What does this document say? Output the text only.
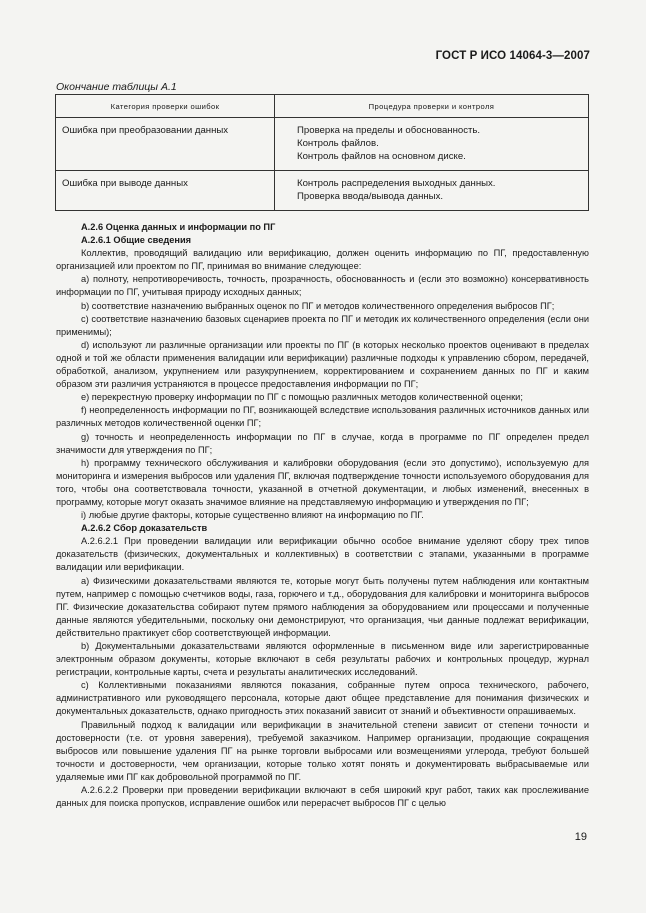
ГОСТ Р ИСО 14064-3—2007
Окончание таблицы А.1
Категория проверки ошибок	Процедура проверки и контроля
Ошибка при преобразовании данных	Проверка на пределы и обоснованность.
Контроль файлов.
Контроль файлов на основном диске.

Ошибка при выводе данных	Контроль распределения выходных данных.
Проверка ввода/вывода данных.

А.2.6 Оценка данных и информации по ПГ

А.2.6.1 Общие сведения

Коллектив, проводящий валидацию или верификацию, должен оценить информацию по ПГ, предоставленную организацией или проектом по ПГ, принимая во внимание следующее:

а) полноту, непротиворечивость, точность, прозрачность, обоснованность и (если это возможно) консервативность информации по ПГ, учитывая природу исходных данных;

b) соответствие назначению выбранных оценок по ПГ и методов количественного определения выбросов ПГ;

с) соответствие назначению базовых сценариев проекта по ПГ и методик их количественного определения (если они применимы);

d) используют ли различные организации или проекты по ПГ (в которых несколько проектов оценивают в пределах одной и той же области применения валидации или верификации) различные подходы к управлению сбором, передачей, обработкой, анализом, укрупнением или разукрупнением, корректированием и сохранением данных по ПГ и каким образом эти различия устраняются в процессе предоставления информации по ПГ;

е) перекрестную проверку информации по ПГ с помощью различных методов количественной оценки;

f) неопределенность информации по ПГ, возникающей вследствие использования различных источников данных или различных методов количественной оценки ПГ;

g) точность и неопределенность информации по ПГ в случае, когда в программе по ПГ определен предел значимости для утверждения по ПГ;

h) программу технического обслуживания и калибровки оборудования (если это допустимо), используемую для мониторинга и измерения выбросов или удаления ПГ, включая подтверждение точности используемого оборудования для того, чтобы она соответствовала точности, указанной в отчетной документации, и любых изменений, внесенных в программу, которые могут оказать значимое влияние на представляемую информацию и утверждения по ПГ;

i) любые другие факторы, которые существенно влияют на информацию по ПГ.

А.2.6.2 Сбор доказательств

А.2.6.2.1 При проведении валидации или верификации обычно особое внимание уделяют сбору трех типов доказательств (физических, документальных и коллективных) в соответствии с этапами, указанными в программе валидации или верификации.

а) Физическими доказательствами являются те, которые могут быть получены путем наблюдения или контактным путем, например с помощью счетчиков воды, газа, горючего и т.д., оборудования для калибровки и мониторинга выбросов ПГ. Физические доказательства собирают путем прямого наблюдения за оборудованием или процессами и полученные данные являются убедительными, поскольку они демонстрируют, что организация, чьи данные подлежат верификации, действительно практикует сбор соответствующей информации.

b) Документальными доказательствами являются оформленные в письменном виде или зарегистрированные электронным образом документы, которые включают в себя результаты рабочих и контрольных процедур, журнал регистрации, контрольные карты, счета и результаты аналитических исследований.

с) Коллективными показаниями являются показания, собранные путем опроса технического, рабочего, административного или руководящего персонала, которые дают общее представление для понимания физических и документальных доказательств, однако пригодность этих показаний зависит от знаний и объективности опрашиваемых.

Правильный подход к валидации или верификации в значительной степени зависит от степени точности и достоверности (т.е. от уровня заверения), требуемой заказчиком. Например организации, продающие сокращения выбросов или повышение удаления ПГ на рынке торговли выбросами или возмещениями углерода, требуют большей точности и достоверности, чем организации, которые только хотят понять и документировать выбрасываемые или удаляемые ими ПГ как добровольной программой по ПГ.

А.2.6.2.2 Проверки при проведении верификации включают в себя широкий круг работ, таких как прослеживание данных для поиска пропусков, исправление ошибок или перерасчет выбросов ПГ с целью

19
